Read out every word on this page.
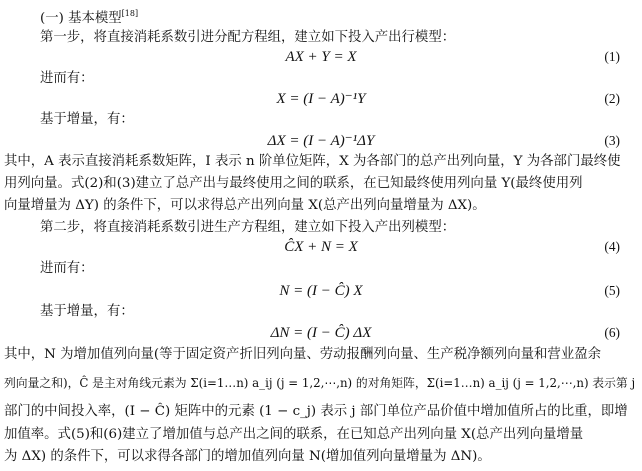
(一) 基本模型[18]
第一步，将直接消耗系数引进分配方程组，建立如下投入产出行模型：
AX + Y = X	(1)
进而有：
X = (I − A)⁻¹Y	(2)
基于增量，有：
ΔX = (I − A)⁻¹ΔY	(3)
其中，A 表示直接消耗系数矩阵，I 表示 n 阶单位矩阵，X 为各部门的总产出列向量，Y 为各部门最终使
用列向量。式(2)和(3)建立了总产出与最终使用之间的联系，在已知最终使用列向量 Y(最终使用列
向量增量为 ΔY) 的条件下，可以求得总产出列向量 X(总产出列向量增量为 ΔX)。
第二步，将直接消耗系数引进生产方程组，建立如下投入产出列模型：
ĈX + N = X	(4)
进而有：
N = (I − Ĉ) X	(5)
基于增量，有：
ΔN = (I − Ĉ) ΔX	(6)
其中，N 为增加值列向量(等于固定资产折旧列向量、劳动报酬列向量、生产税净额列向量和营业盈余
列向量之和)，Ĉ 是主对角线元素为 Σ(i=1…n) a_ij (j = 1,2,⋯,n) 的对角矩阵，Σ(i=1…n) a_ij (j = 1,2,⋯,n) 表示第 j
部门的中间投入率，(I − Ĉ) 矩阵中的元素 (1 − c_j) 表示 j 部门单位产品价值中增加值所占的比重，即增
加值率。式(5)和(6)建立了增加值与总产出之间的联系，在已知总产出列向量 X(总产出列向量增量
为 ΔX) 的条件下，可以求得各部门的增加值列向量 N(增加值列向量增量为 ΔN)。
